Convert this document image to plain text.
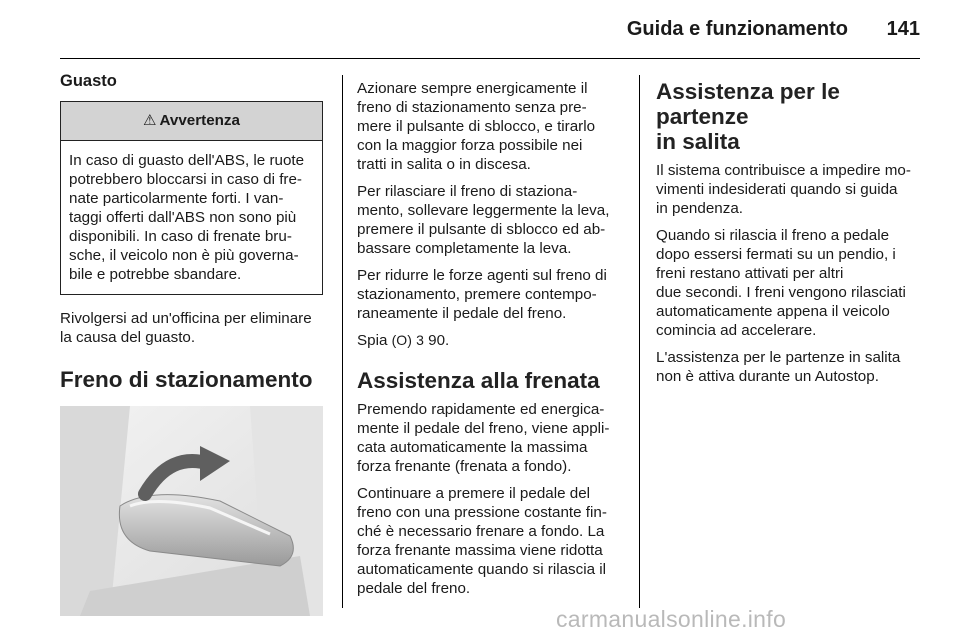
Guida e funzionamento 141
Guasto
⚠ Avvertenza
In caso di guasto dell'ABS, le ruote
potrebbero bloccarsi in caso di fre-
nate particolarmente forti. I van-
taggi offerti dall'ABS non sono più
disponibili. In caso di frenate bru-
sche, il veicolo non è più governa-
bile e potrebbe sbandare.

Rivolgersi ad un'officina per eliminare
la causa del guasto.

Freno di stazionamento

Azionare sempre energicamente il
freno di stazionamento senza pre-
mere il pulsante di sblocco, e tirarlo
con la maggior forza possibile nei
tratti in salita o in discesa.

Per rilasciare il freno di staziona-
mento, sollevare leggermente la leva,
premere il pulsante di sblocco ed ab-
bassare completamente la leva.

Per ridurre le forze agenti sul freno di
stazionamento, premere contempo-
raneamente il pedale del freno.

Spia (O) 3 90.

Assistenza alla frenata

Premendo rapidamente ed energica-
mente il pedale del freno, viene appli-
cata automaticamente la massima
forza frenante (frenata a fondo).

Continuare a premere il pedale del
freno con una pressione costante fin-
ché è necessario frenare a fondo. La
forza frenante massima viene ridotta
automaticamente quando si rilascia il
pedale del freno.

Assistenza per le partenze
in salita

Il sistema contribuisce a impedire mo-
vimenti indesiderati quando si guida
in pendenza.

Quando si rilascia il freno a pedale
dopo essersi fermati su un pendio, i
freni restano attivati per altri
due secondi. I freni vengono rilasciati
automaticamente appena il veicolo
comincia ad accelerare.

L'assistenza per le partenze in salita
non è attiva durante un Autostop.

carmanualsonline.info
